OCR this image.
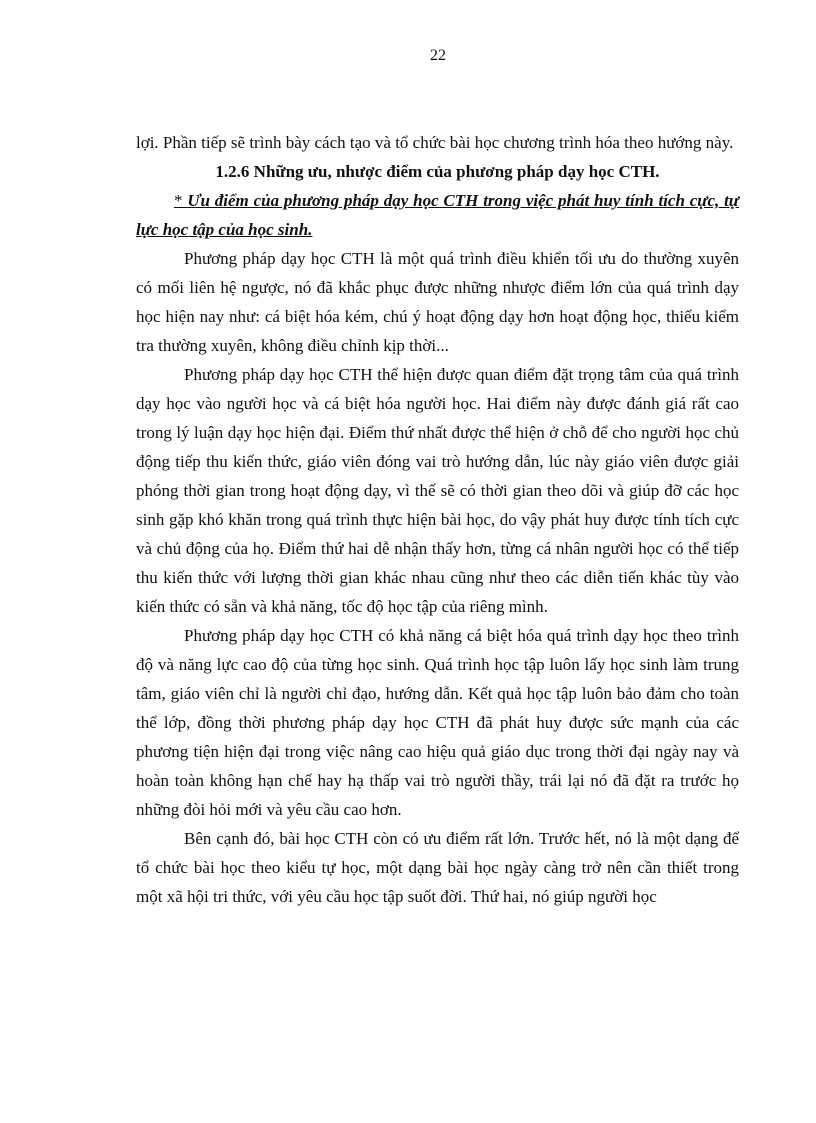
22

lợi. Phần tiếp sẽ trình bày cách tạo và tổ chức bài học chương trình hóa theo hướng này.

1.2.6 Những ưu, nhược điểm của phương pháp dạy học CTH.

* Ưu điểm của phương pháp dạy học CTH trong việc phát huy tính tích cực, tự lực học tập của học sinh.

Phương pháp dạy học CTH là một quá trình điều khiển tối ưu do thường xuyên có mối liên hệ ngược, nó đã khắc phục được những nhược điểm lớn của quá trình dạy học hiện nay như: cá biệt hóa kém, chú ý hoạt động dạy hơn hoạt động học, thiếu kiểm tra thường xuyên, không điều chỉnh kịp thời...

Phương pháp dạy học CTH thể hiện được quan điểm đặt trọng tâm của quá trình dạy học vào người học và cá biệt hóa người học. Hai điểm này được đánh giá rất cao trong lý luận dạy học hiện đại. Điểm thứ nhất được thể hiện ở chỗ để cho người học chủ động tiếp thu kiến thức, giáo viên đóng vai trò hướng dẫn, lúc này giáo viên được giải phóng thời gian trong hoạt động dạy, vì thế sẽ có thời gian theo dõi và giúp đỡ các học sinh gặp khó khăn trong quá trình thực hiện bài học, do vậy phát huy được tính tích cực và chủ động của họ. Điểm thứ hai dễ nhận thấy hơn, từng cá nhân người học có thể tiếp thu kiến thức với lượng thời gian khác nhau cũng như theo các diễn tiến khác tùy vào kiến thức có sẵn và khả năng, tốc độ học tập của riêng mình.

Phương pháp dạy học CTH có khả năng cá biệt hóa quá trình dạy học theo trình độ và năng lực cao độ của từng học sinh. Quá trình học tập luôn lấy học sinh làm trung tâm, giáo viên chỉ là người chỉ đạo, hướng dẫn. Kết quả học tập luôn bảo đảm cho toàn thể lớp, đồng thời phương pháp dạy học CTH đã phát huy được sức mạnh của các phương tiện hiện đại trong việc nâng cao hiệu quả giáo dục trong thời đại ngày nay và hoàn toàn không hạn chế hay hạ thấp vai trò người thầy, trái lại nó đã đặt ra trước họ những đòi hỏi mới và yêu cầu cao hơn.

Bên cạnh đó, bài học CTH còn có ưu điểm rất lớn. Trước hết, nó là một dạng để tổ chức bài học theo kiểu tự học, một dạng bài học ngày càng trở nên cần thiết trong một xã hội tri thức, với yêu cầu học tập suốt đời. Thứ hai, nó giúp người học
